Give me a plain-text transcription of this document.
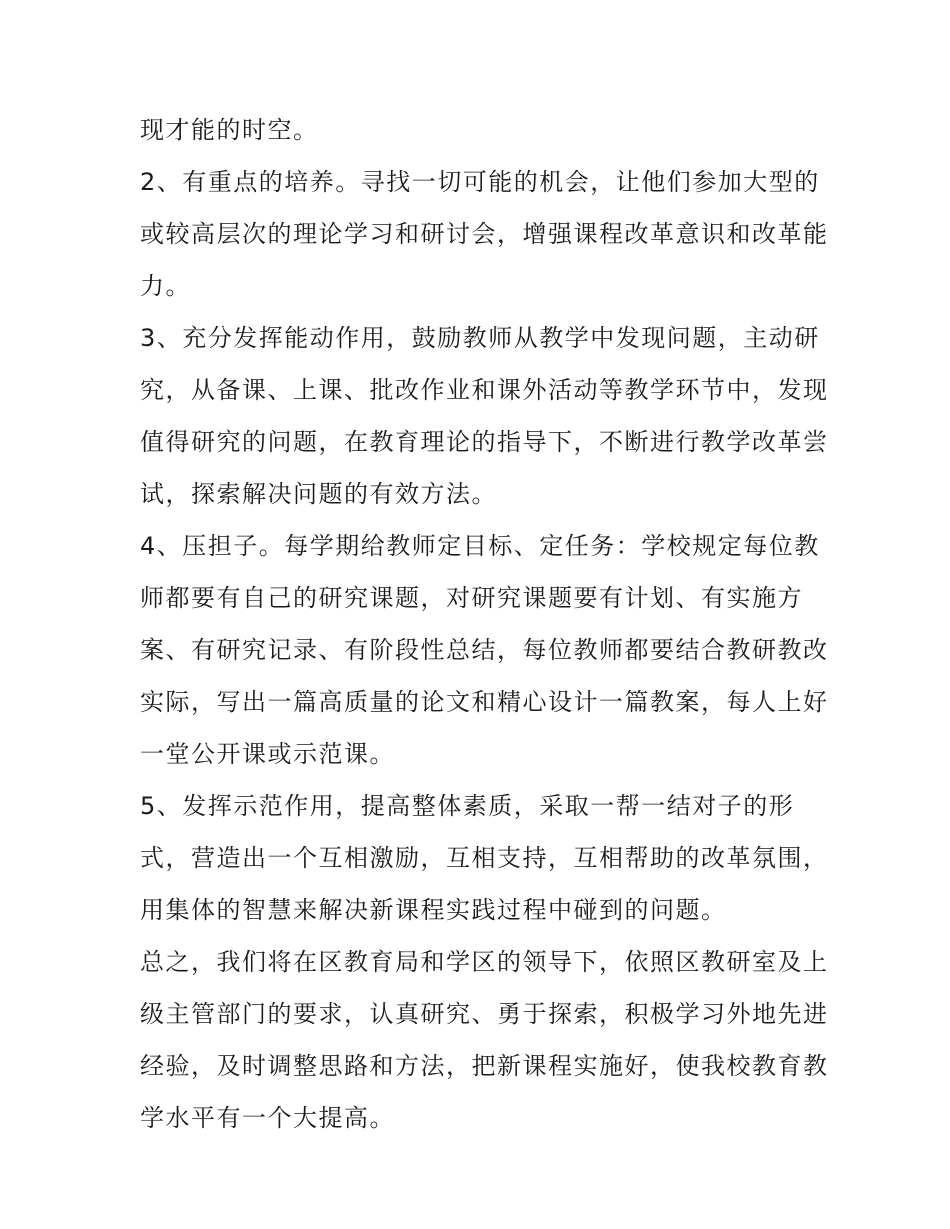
现才能的时空。
2、有重点的培养。寻找一切可能的机会，让他们参加大型的
或较高层次的理论学习和研讨会，增强课程改革意识和改革能
力。
3、充分发挥能动作用，鼓励教师从教学中发现问题，主动研
究，从备课、上课、批改作业和课外活动等教学环节中，发现
值得研究的问题，在教育理论的指导下，不断进行教学改革尝
试，探索解决问题的有效方法。
4、压担子。每学期给教师定目标、定任务：学校规定每位教
师都要有自己的研究课题，对研究课题要有计划、有实施方
案、有研究记录、有阶段性总结，每位教师都要结合教研教改
实际，写出一篇高质量的论文和精心设计一篇教案，每人上好
一堂公开课或示范课。
5、发挥示范作用，提高整体素质，采取一帮一结对子的形
式，营造出一个互相激励，互相支持，互相帮助的改革氛围，
用集体的智慧来解决新课程实践过程中碰到的问题。
总之，我们将在区教育局和学区的领导下，依照区教研室及上
级主管部门的要求，认真研究、勇于探索，积极学习外地先进
经验，及时调整思路和方法，把新课程实施好，使我校教育教
学水平有一个大提高。
